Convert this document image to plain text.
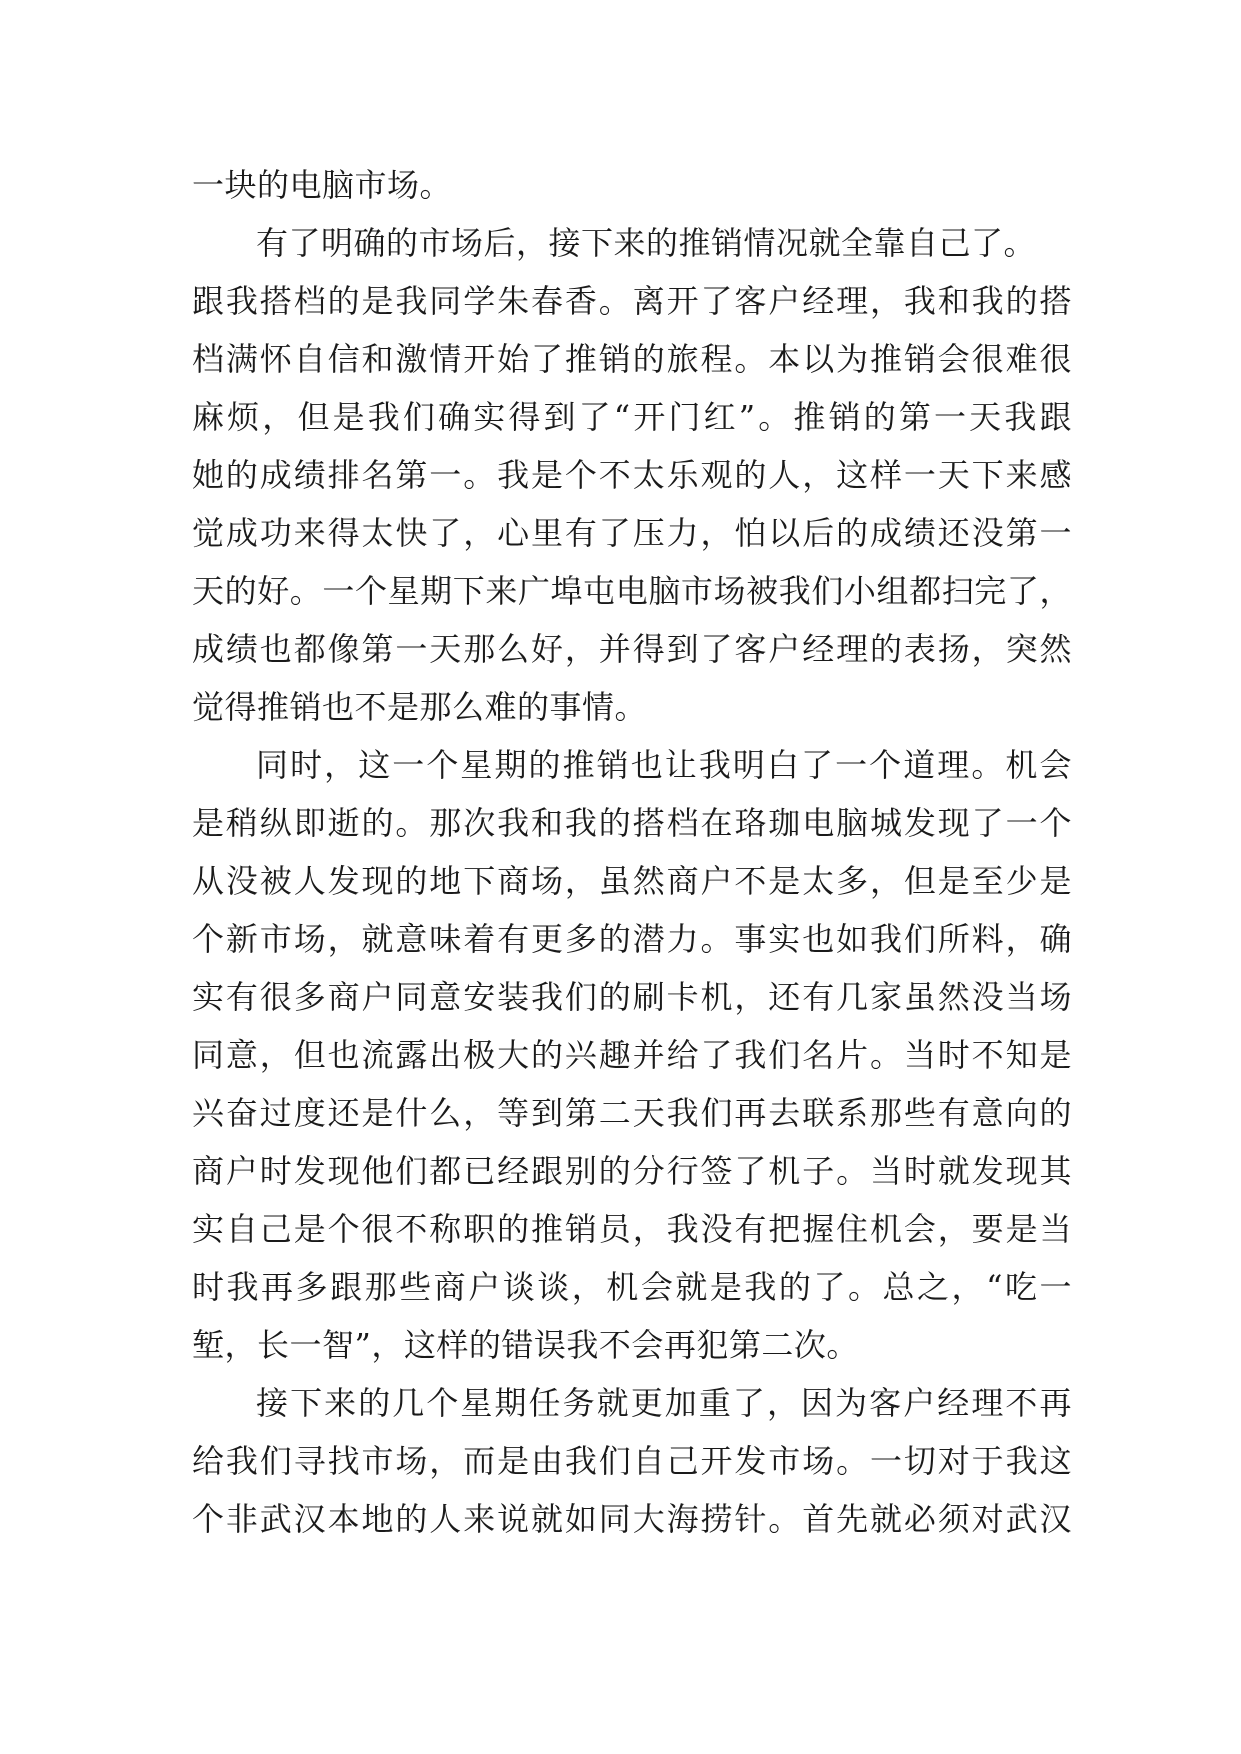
一块的电脑市场。
有了明确的市场后，接下来的推销情况就全靠自己了。
跟我搭档的是我同学朱春香。离开了客户经理，我和我的搭
档满怀自信和激情开始了推销的旅程。本以为推销会很难很
麻烦，但是我们确实得到了“开门红”。推销的第一天我跟
她的成绩排名第一。我是个不太乐观的人，这样一天下来感
觉成功来得太快了，心里有了压力，怕以后的成绩还没第一
天的好。一个星期下来广埠屯电脑市场被我们小组都扫完了，
成绩也都像第一天那么好，并得到了客户经理的表扬，突然
觉得推销也不是那么难的事情。
同时，这一个星期的推销也让我明白了一个道理。机会
是稍纵即逝的。那次我和我的搭档在珞珈电脑城发现了一个
从没被人发现的地下商场，虽然商户不是太多，但是至少是
个新市场，就意味着有更多的潜力。事实也如我们所料，确
实有很多商户同意安装我们的刷卡机，还有几家虽然没当场
同意，但也流露出极大的兴趣并给了我们名片。当时不知是
兴奋过度还是什么，等到第二天我们再去联系那些有意向的
商户时发现他们都已经跟别的分行签了机子。当时就发现其
实自己是个很不称职的推销员，我没有把握住机会，要是当
时我再多跟那些商户谈谈，机会就是我的了。总之，“吃一
堑，长一智”，这样的错误我不会再犯第二次。
接下来的几个星期任务就更加重了，因为客户经理不再
给我们寻找市场，而是由我们自己开发市场。一切对于我这
个非武汉本地的人来说就如同大海捞针。首先就必须对武汉
